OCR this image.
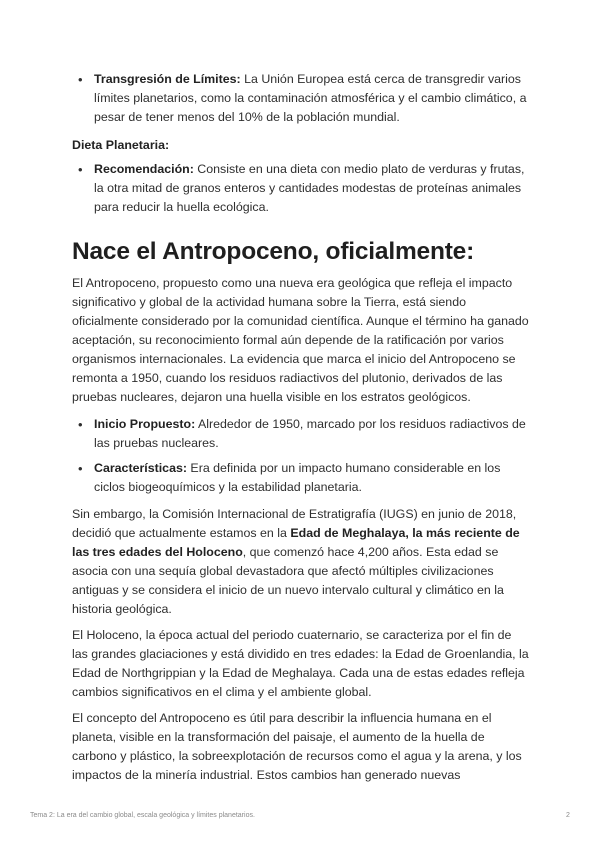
• Transgresión de Límites: La Unión Europea está cerca de transgredir varios límites planetarios, como la contaminación atmosférica y el cambio climático, a pesar de tener menos del 10% de la población mundial.
Dieta Planetaria:
• Recomendación: Consiste en una dieta con medio plato de verduras y frutas, la otra mitad de granos enteros y cantidades modestas de proteínas animales para reducir la huella ecológica.
Nace el Antropoceno, oficialmente:

El Antropoceno, propuesto como una nueva era geológica que refleja el impacto significativo y global de la actividad humana sobre la Tierra, está siendo oficialmente considerado por la comunidad científica. Aunque el término ha ganado aceptación, su reconocimiento formal aún depende de la ratificación por varios organismos internacionales. La evidencia que marca el inicio del Antropoceno se remonta a 1950, cuando los residuos radiactivos del plutonio, derivados de las pruebas nucleares, dejaron una huella visible en los estratos geológicos.

• Inicio Propuesto: Alrededor de 1950, marcado por los residuos radiactivos de las pruebas nucleares.
• Características: Era definida por un impacto humano considerable en los ciclos biogeoquímicos y la estabilidad planetaria.

Sin embargo, la Comisión Internacional de Estratigrafía (IUGS) en junio de 2018, decidió que actualmente estamos en la Edad de Meghalaya, la más reciente de las tres edades del Holoceno, que comenzó hace 4,200 años. Esta edad se asocia con una sequía global devastadora que afectó múltiples civilizaciones antiguas y se considera el inicio de un nuevo intervalo cultural y climático en la historia geológica.

El Holoceno, la época actual del periodo cuaternario, se caracteriza por el fin de las grandes glaciaciones y está dividido en tres edades: la Edad de Groenlandia, la Edad de Northgrippian y la Edad de Meghalaya. Cada una de estas edades refleja cambios significativos en el clima y el ambiente global.

El concepto del Antropoceno es útil para describir la influencia humana en el planeta, visible en la transformación del paisaje, el aumento de la huella de carbono y plástico, la sobreexplotación de recursos como el agua y la arena, y los impactos de la minería industrial. Estos cambios han generado nuevas

Tema 2: La era del cambio global, escala geológica y límites planetarios.	2
